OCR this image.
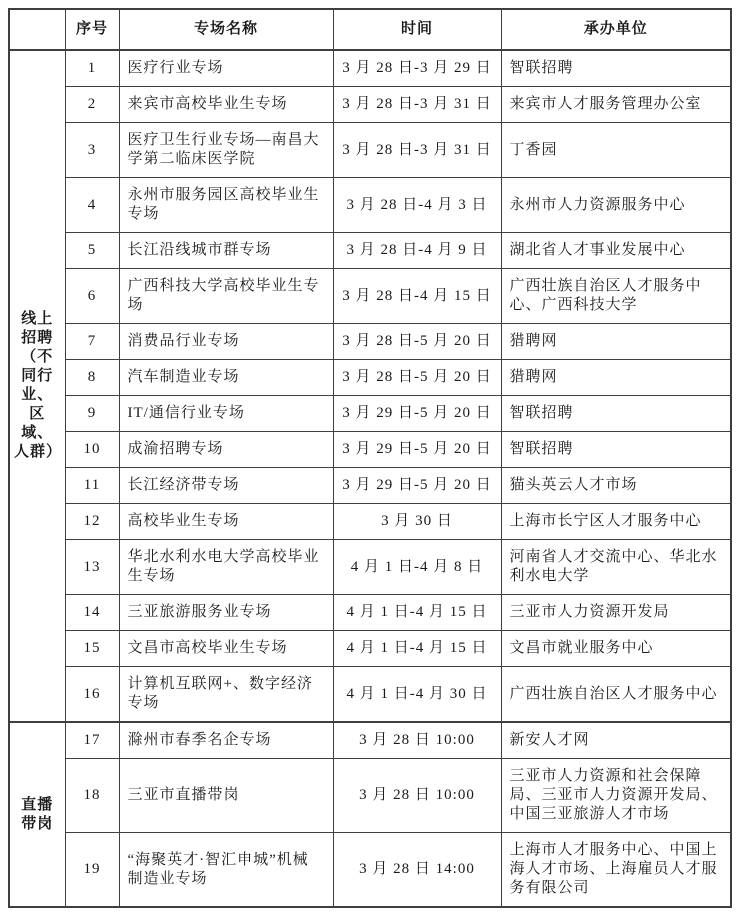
	序号	专场名称	时间	承办单位
线上招聘（不同行业、区域、人群）	1	医疗行业专场	3 月 28 日-3 月 29 日	智联招聘
	2	来宾市高校毕业生专场	3 月 28 日-3 月 31 日	来宾市人才服务管理办公室
	3	医疗卫生行业专场—南昌大学第二临床医学院	3 月 28 日-3 月 31 日	丁香园
	4	永州市服务园区高校毕业生专场	3 月 28 日-4 月 3 日	永州市人力资源服务中心
	5	长江沿线城市群专场	3 月 28 日-4 月 9 日	湖北省人才事业发展中心
	6	广西科技大学高校毕业生专场	3 月 28 日-4 月 15 日	广西壮族自治区人才服务中心、广西科技大学
	7	消费品行业专场	3 月 28 日-5 月 20 日	猎聘网
	8	汽车制造业专场	3 月 28 日-5 月 20 日	猎聘网
	9	IT/通信行业专场	3 月 29 日-5 月 20 日	智联招聘
	10	成渝招聘专场	3 月 29 日-5 月 20 日	智联招聘
	11	长江经济带专场	3 月 29 日-5 月 20 日	猫头英云人才市场
	12	高校毕业生专场	3 月 30 日	上海市长宁区人才服务中心
	13	华北水利水电大学高校毕业生专场	4 月 1 日-4 月 8 日	河南省人才交流中心、华北水利水电大学
	14	三亚旅游服务业专场	4 月 1 日-4 月 15 日	三亚市人力资源开发局
	15	文昌市高校毕业生专场	4 月 1 日-4 月 15 日	文昌市就业服务中心
	16	计算机互联网+、数字经济专场	4 月 1 日-4 月 30 日	广西壮族自治区人才服务中心
直播带岗	17	滁州市春季名企专场	3 月 28 日 10:00	新安人才网
	18	三亚市直播带岗	3 月 28 日 10:00	三亚市人力资源和社会保障局、三亚市人力资源开发局、中国三亚旅游人才市场
	19	“海聚英才·智汇申城”机械制造业专场	3 月 28 日 14:00	上海市人才服务中心、中国上海人才市场、上海雇员人才服务有限公司
